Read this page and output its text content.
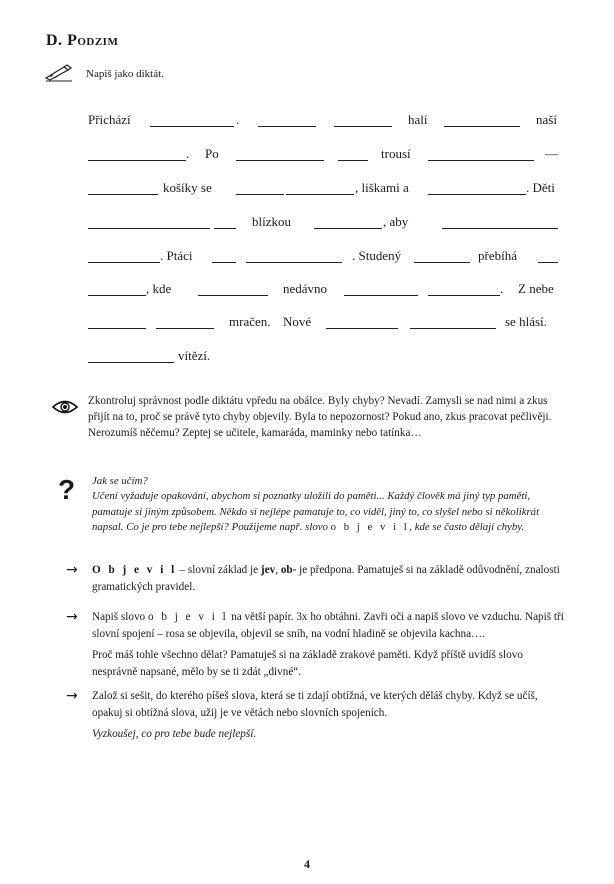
D. Podzim
Napiš jako diktát.
Přichází	.	halí	naší
. Po	trousí	—
košíky se	, liškami a	. Děti
blízkou	, aby
. Ptáci	. Studený	přebíhá
, kde	nedávno	. Z nebe
mračen. Nové	se hlásí.
vítězí.
Zkontroluj správnost podle diktátu vpředu na obálce. Byly chyby? Nevadí. Zamysli se nad nimi a zkus přijít na to, proč se právě tyto chyby objevily. Byla to nepozornost? Pokud ano, zkus pracovat pečlivěji. Nerozumíš něčemu? Zeptej se učitele, kamaráda, maminky nebo tatínka…
? Jak se učím?
Učení vyžaduje opakování, abychom si poznatky uložili do paměti... Každý člověk má jiný typ paměti, pamatuje si jiným způsobem. Někdo si nejlépe pamatuje to, co viděl, jiný to, co slyšel nebo si několikrát napsal. Co je pro tebe nejlepší? Použijeme např. slovo o b j e v i l, kde se často dělají chyby.
→ O b j e v i l – slovní základ je jev, ob- je předpona. Pamatuješ si na základě odůvodnění, znalosti gramatických pravidel.
→ Napiš slovo o b j e v i l na větší papír. 3x ho obtáhni. Zavři oči a napiš slovo ve vzduchu. Napiš tři slovní spojení – rosa se objevila, objevil se sníh, na vodní hladině se objevila kachna….
Proč máš tohle všechno dělat? Pamatuješ si na základě zrakové paměti. Když příště uvidíš slovo nesprávně napsané, mělo by se ti zdát „divné“.
→ Založ si sešit, do kterého píšeš slova, která se ti zdají obtížná, ve kterých děláš chyby. Když se učíš, opakuj si obtížná slova, užij je ve větách nebo slovních spojeních.
Vyzkoušej, co pro tebe bude nejlepší.
4
